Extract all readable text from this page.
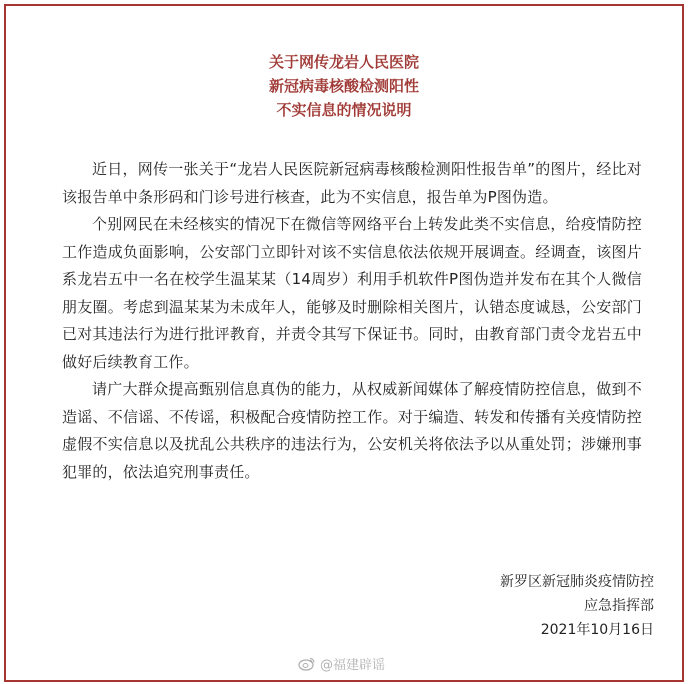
关于网传龙岩人民医院
新冠病毒核酸检测阳性
不实信息的情况说明

近日，网传一张关于“龙岩人民医院新冠病毒核酸检测阳性报告单”的图片，经比对该报告单中条形码和门诊号进行核查，此为不实信息，报告单为P图伪造。

个别网民在未经核实的情况下在微信等网络平台上转发此类不实信息，给疫情防控工作造成负面影响，公安部门立即针对该不实信息依法依规开展调查。经调查，该图片系龙岩五中一名在校学生温某某（14周岁）利用手机软件P图伪造并发布在其个人微信朋友圈。考虑到温某某为未成年人，能够及时删除相关图片，认错态度诚恳，公安部门已对其违法行为进行批评教育，并责令其写下保证书。同时，由教育部门责令龙岩五中做好后续教育工作。

请广大群众提高甄别信息真伪的能力，从权威新闻媒体了解疫情防控信息，做到不造谣、不信谣、不传谣，积极配合疫情防控工作。对于编造、转发和传播有关疫情防控虚假不实信息以及扰乱公共秩序的违法行为，公安机关将依法予以从重处罚；涉嫌刑事犯罪的，依法追究刑事责任。

新罗区新冠肺炎疫情防控
应急指挥部
2021年10月16日
@福建辟谣
